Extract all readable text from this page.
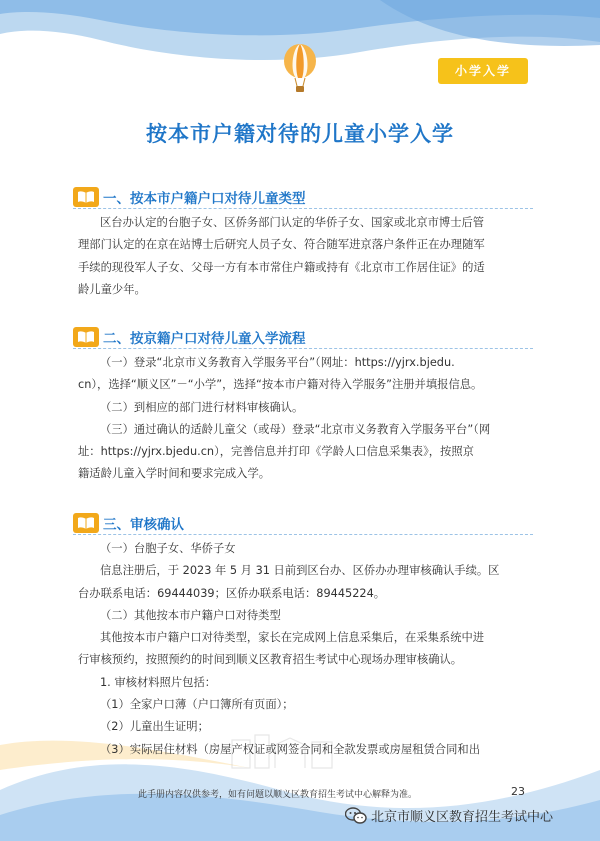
小学入学
按本市户籍对待的儿童小学入学
一、按本市户籍户口对待儿童类型
区台办认定的台胞子女、区侨务部门认定的华侨子女、国家或北京市博士后管
理部门认定的在京在站博士后研究人员子女、符合随军进京落户条件正在办理随军
手续的现役军人子女、父母一方有本市常住户籍或持有《北京市工作居住证》的适
龄儿童少年。
二、按京籍户口对待儿童入学流程
（一）登录“北京市义务教育入学服务平台”（网址：https://yjrx.bjedu.
cn），选择“顺义区”－“小学”，选择“按本市户籍对待入学服务”注册并填报信息。
（二）到相应的部门进行材料审核确认。
（三）通过确认的适龄儿童父（或母）登录“北京市义务教育入学服务平台”（网
址：https://yjrx.bjedu.cn），完善信息并打印《学龄人口信息采集表》，按照京
籍适龄儿童入学时间和要求完成入学。
三、审核确认
（一）台胞子女、华侨子女
信息注册后，于 2023 年 5 月 31 日前到区台办、区侨办办理审核确认手续。区
台办联系电话：69444039；区侨办联系电话：89445224。
（二）其他按本市户籍户口对待类型
其他按本市户籍户口对待类型，家长在完成网上信息采集后，在采集系统中进
行审核预约，按照预约的时间到顺义区教育招生考试中心现场办理审核确认。
1. 审核材料照片包括：
（1）全家户口薄（户口簿所有页面）；
（2）儿童出生证明；
（3）实际居住材料（房屋产权证或网签合同和全款发票或房屋租赁合同和出
此手册内容仅供参考，如有问题以顺义区教育招生考试中心解释为准。	23
北京市顺义区教育招生考试中心
